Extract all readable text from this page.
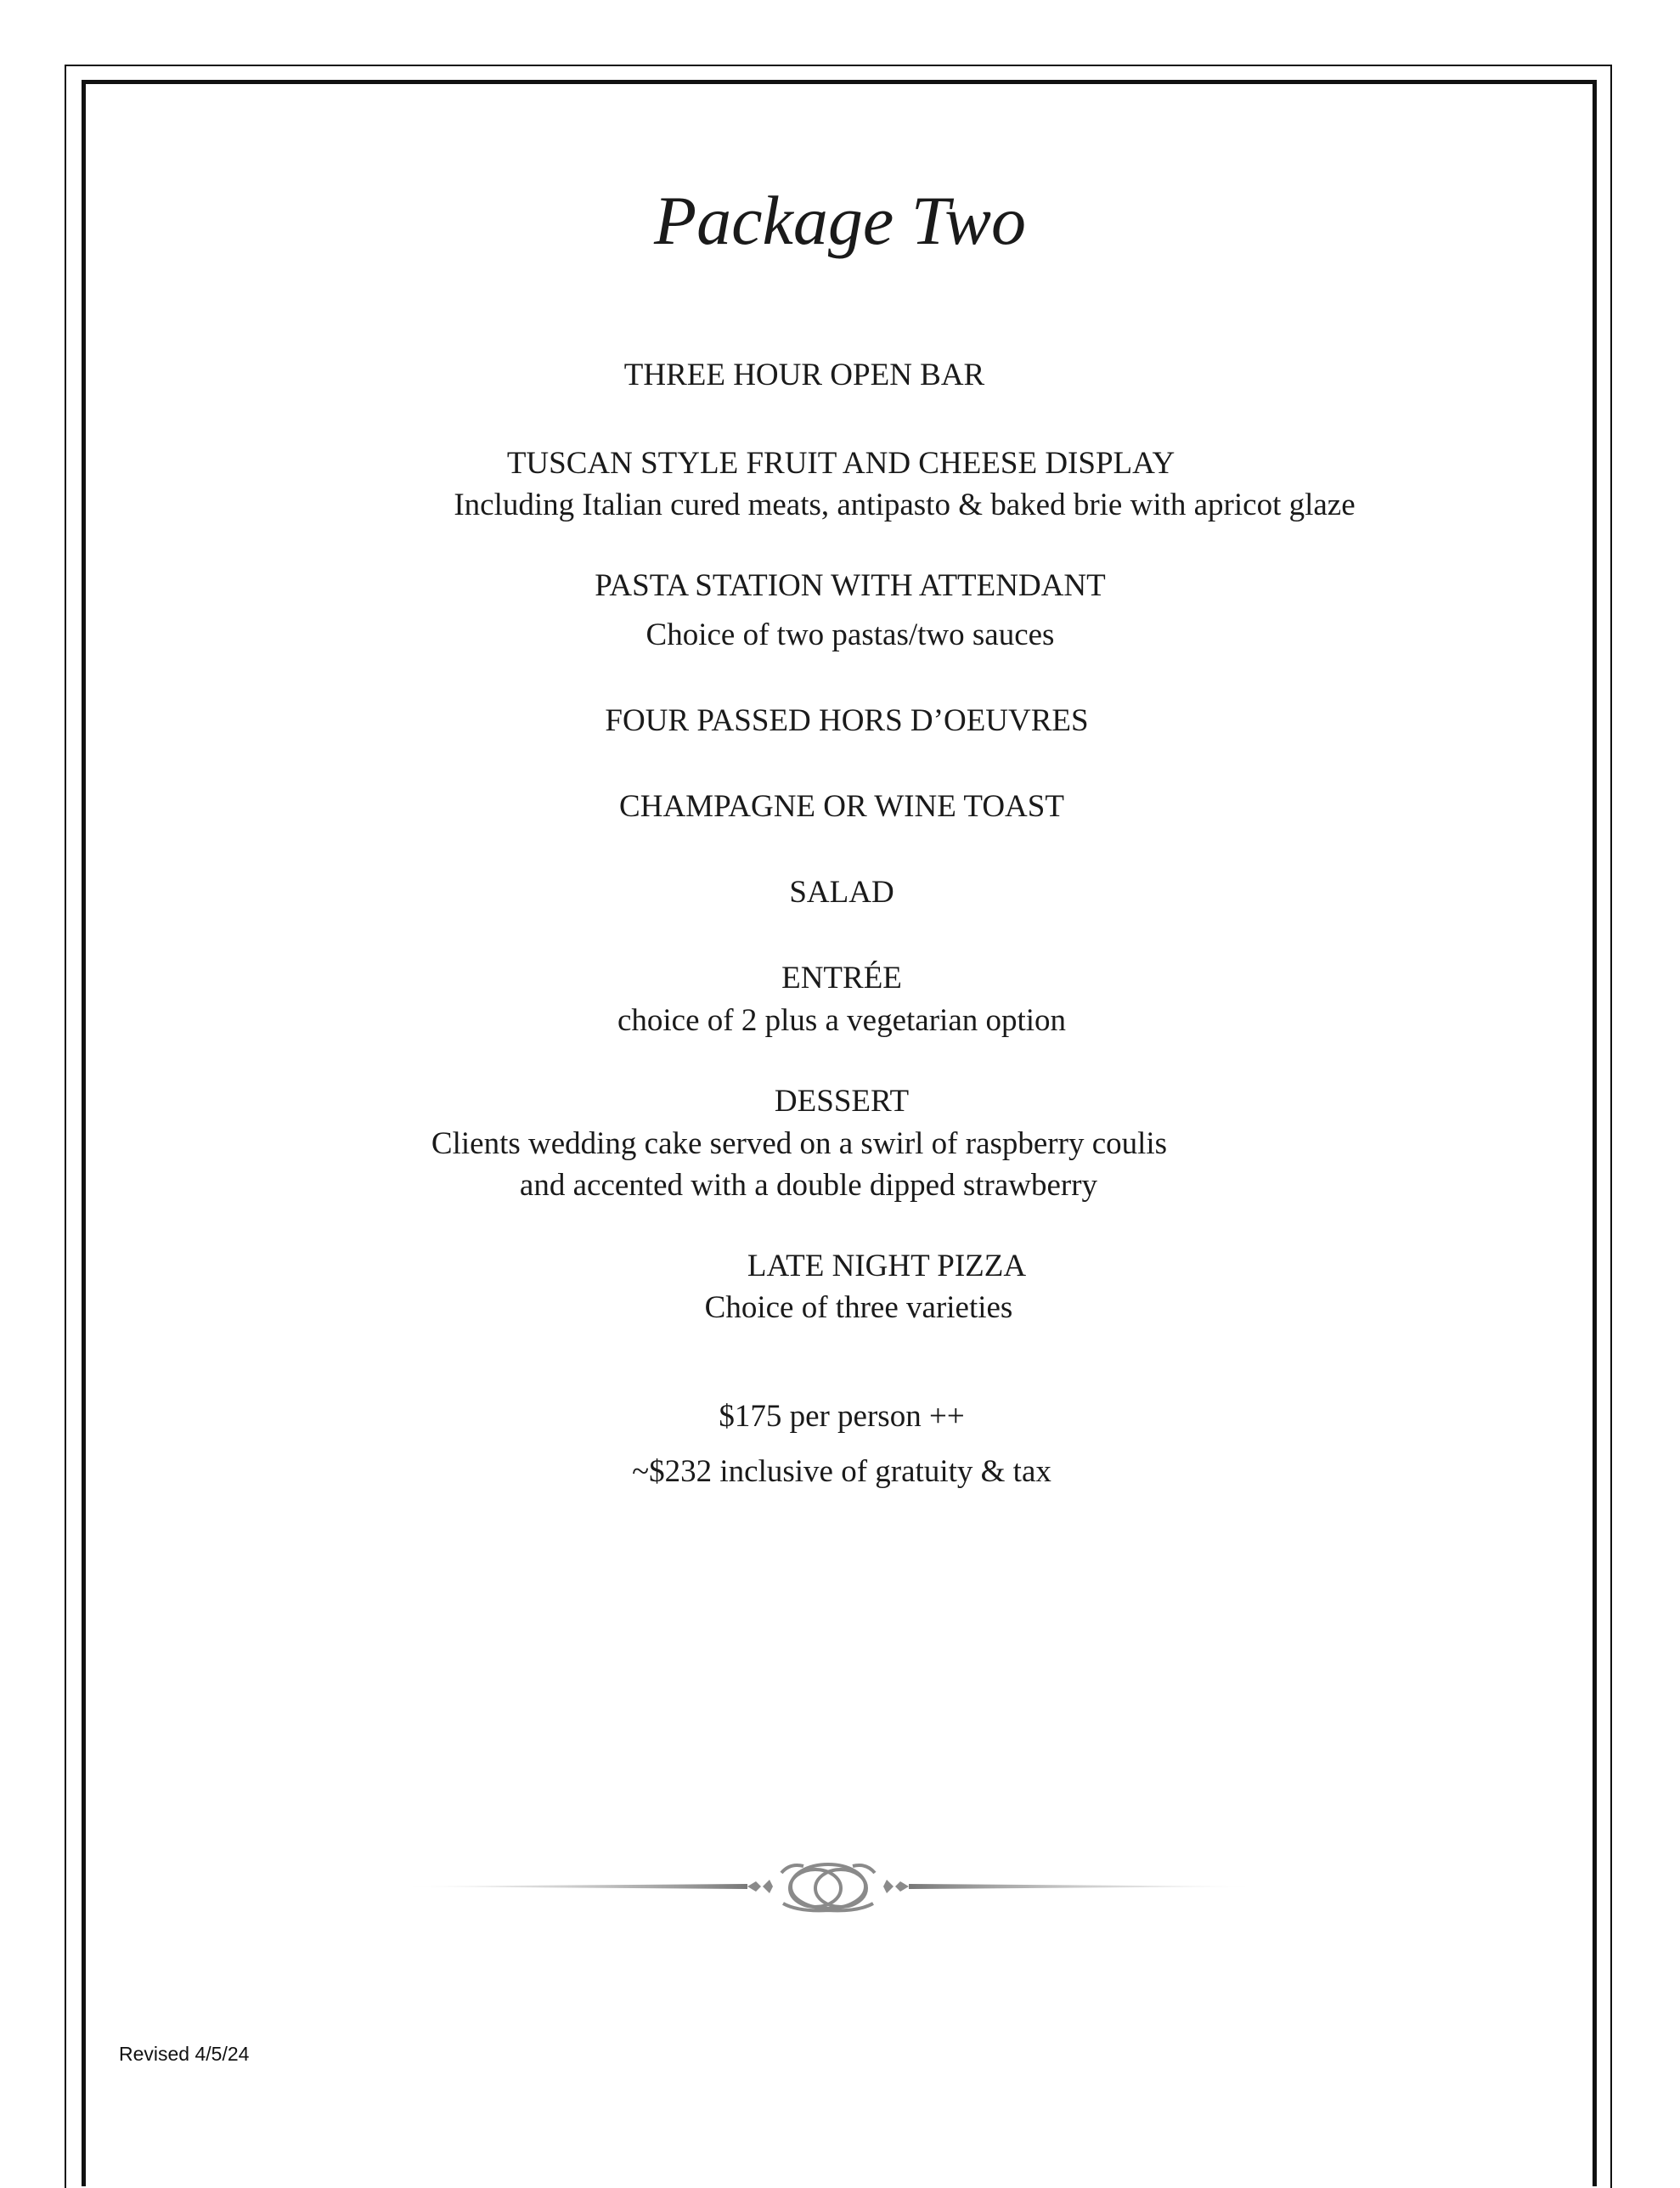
Package Two
THREE HOUR OPEN BAR
TUSCAN STYLE FRUIT AND CHEESE DISPLAY
Including Italian cured meats, antipasto & baked brie with apricot glaze
PASTA STATION WITH ATTENDANT
Choice of two pastas/two sauces
FOUR PASSED HORS D’OEUVRES
CHAMPAGNE OR WINE TOAST
SALAD
ENTRÉE
choice of 2 plus a vegetarian option
DESSERT
Clients wedding cake served on a swirl of raspberry coulis
and accented with a double dipped strawberry
LATE NIGHT PIZZA
Choice of three varieties
$175 per person ++
~$232 inclusive of gratuity & tax
Revised 4/5/24
